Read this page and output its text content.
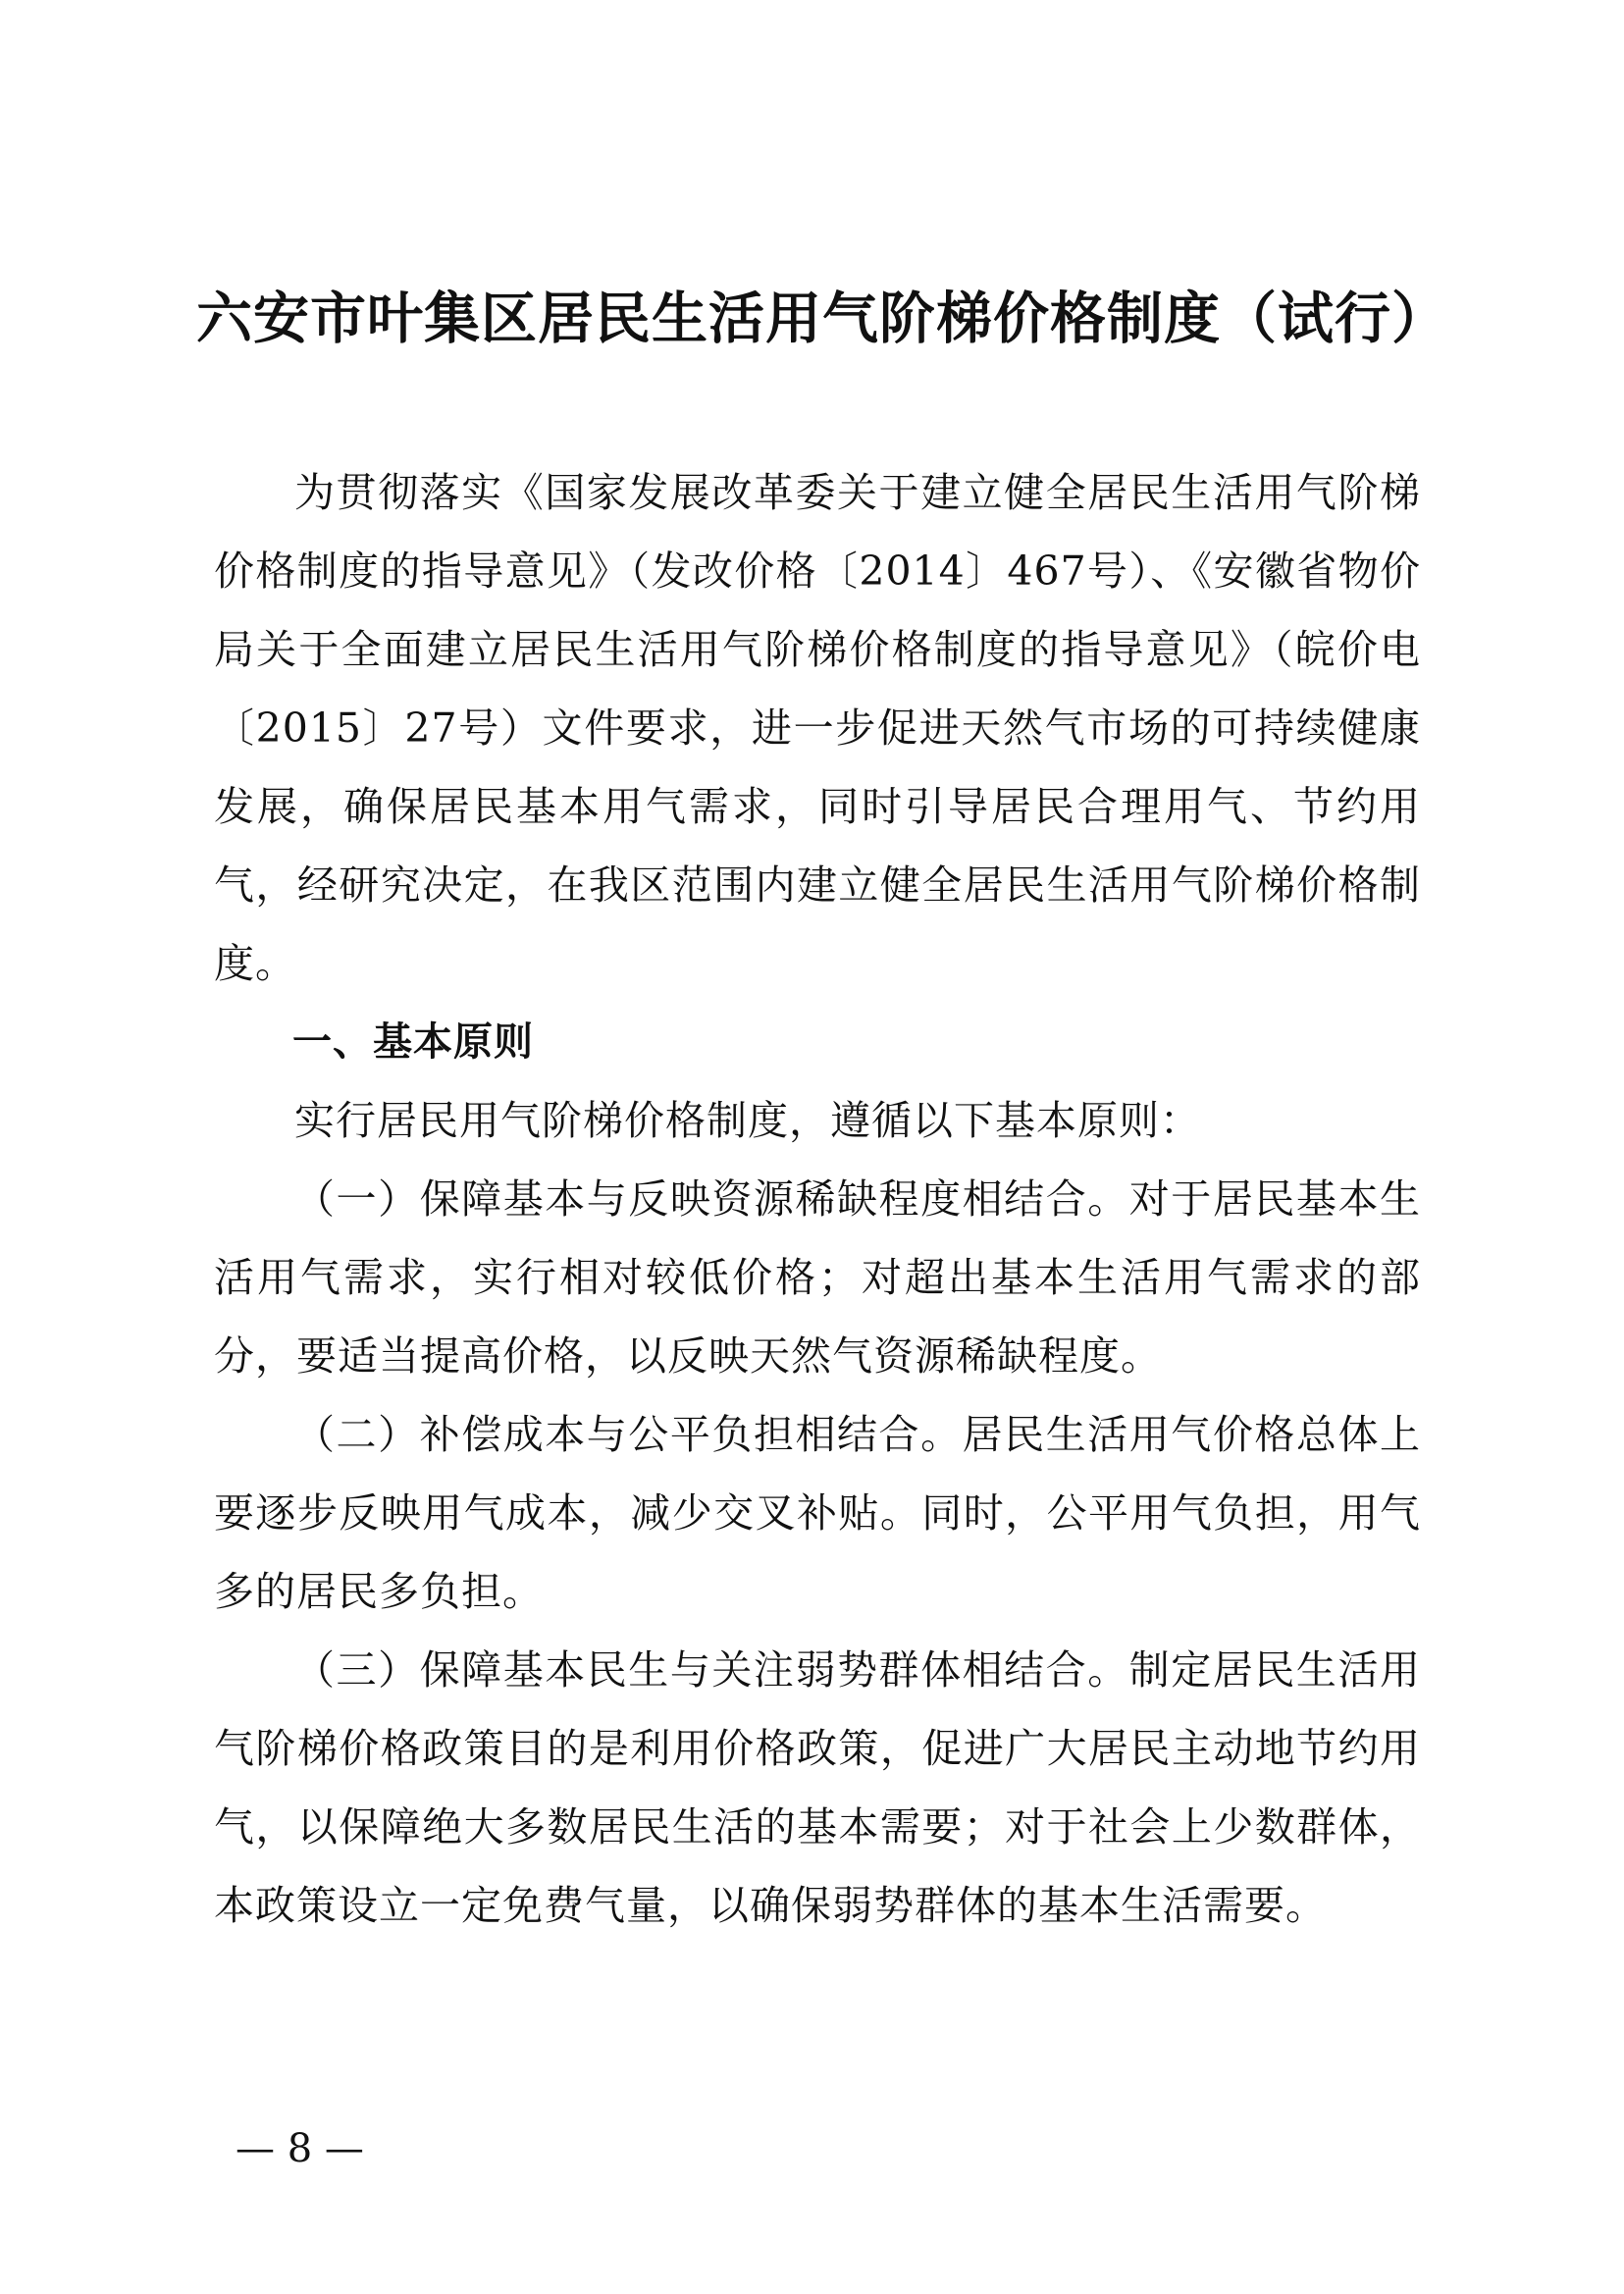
六安市叶集区居民生活用气阶梯价格制度（试行）

为贯彻落实《国家发展改革委关于建立健全居民生活用气阶梯价格制度的指导意见》（发改价格〔2014〕467号）、《安徽省物价局关于全面建立居民生活用气阶梯价格制度的指导意见》（皖价电〔2015〕27号）文件要求，进一步促进天然气市场的可持续健康发展，确保居民基本用气需求，同时引导居民合理用气、节约用气，经研究决定，在我区范围内建立健全居民生活用气阶梯价格制度。

一、基本原则

实行居民用气阶梯价格制度，遵循以下基本原则：

（一）保障基本与反映资源稀缺程度相结合。对于居民基本生活用气需求，实行相对较低价格；对超出基本生活用气需求的部分，要适当提高价格，以反映天然气资源稀缺程度。

（二）补偿成本与公平负担相结合。居民生活用气价格总体上要逐步反映用气成本，减少交叉补贴。同时，公平用气负担，用气多的居民多负担。

（三）保障基本民生与关注弱势群体相结合。制定居民生活用气阶梯价格政策目的是利用价格政策，促进广大居民主动地节约用气，以保障绝大多数居民生活的基本需要；对于社会上少数群体，本政策设立一定免费气量，以确保弱势群体的基本生活需要。

— 8 —
